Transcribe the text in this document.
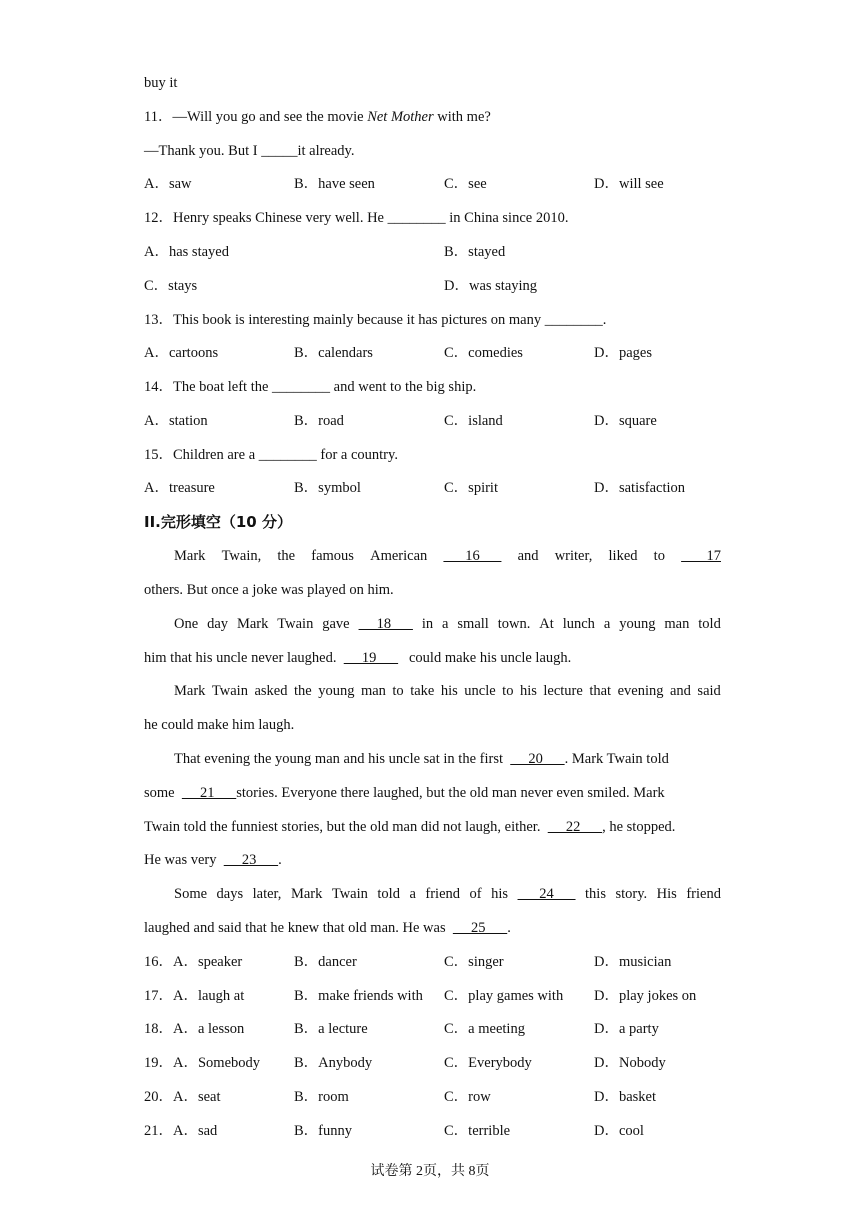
buy it
11．—Will you go and see the movie Net Mother with me?
—Thank you. But I _____it already.
A．saw	B．have seen	C．see	D．will see
12．Henry speaks Chinese very well. He ________ in China since 2010.
A．has stayed	B．stayed
C．stays	D．was staying
13．This book is interesting mainly because it has pictures on many ________.
A．cartoons	B．calendars	C．comedies	D．pages
14．The boat left the ________ and went to the big ship.
A．station	B．road	C．island	D．square
15．Children are a ________ for a country.
A．treasure	B．symbol	C．spirit	D．satisfaction
II.完形填空（10 分）
Mark Twain, the famous American 16 and writer, liked to 17
others. But once a joke was played on him.
One day Mark Twain gave 18 in a small town. At lunch a young man told
him that his uncle never laughed.       19         could make his uncle laugh.
Mark Twain asked the young man to take his uncle to his lecture that evening and said
he could make him laugh.
That evening the young man and his uncle sat in the first       20      . Mark Twain told
some       21      stories. Everyone there laughed, but the old man never even smiled. Mark
Twain told the funniest stories, but the old man did not laugh, either.       22      , he stopped.
He was very       23      .
Some days later, Mark Twain told a friend of his 24 this story. His friend
laughed and said that he knew that old man. He was       25      .
16．A．speaker	B．dancer	C．singer	D．musician
17．A．laugh at	B．make friends with C．play games with D．play jokes on
18．A．a lesson	B．a lecture	C．a meeting	D．a party
19．A．Somebody B．Anybody	C．Everybody	D．Nobody
20．A．seat	B．room	C．row	D．basket
21．A．sad	B．funny	C．terrible	D．cool
试卷第 2页，共 8页
